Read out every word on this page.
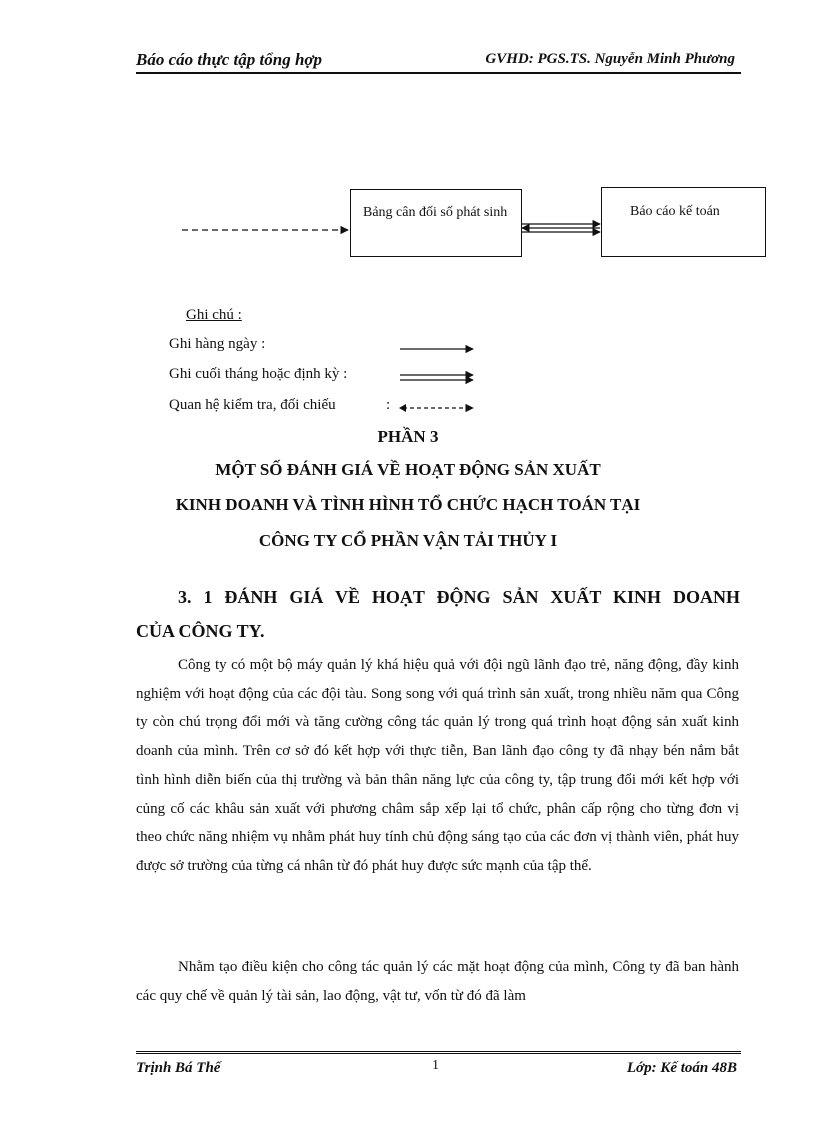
Báo cáo thực tập tổng hợp	GVHD: PGS.TS. Nguyễn Minh Phương
Bảng cân đối số phát sinh	Báo cáo kế toán
Ghi chú :
Ghi hàng ngày :
Ghi cuối tháng hoặc định kỳ :
Quan hệ kiểm tra, đối chiếu	:
PHẦN 3
MỘT SỐ ĐÁNH GIÁ VỀ HOẠT ĐỘNG SẢN XUẤT
KINH DOANH VÀ TÌNH HÌNH TỔ CHỨC HẠCH TOÁN TẠI
CÔNG TY CỔ PHẦN VẬN TẢI THỦY I
3. 1 ĐÁNH GIÁ VỀ HOẠT ĐỘNG SẢN XUẤT KINH DOANH
CỦA CÔNG TY.

Công ty có một bộ máy quản lý khá hiệu quả với đội ngũ lãnh đạo trẻ, năng động, đầy kinh nghiệm với hoạt động của các đội tàu. Song song với quá trình sản xuất, trong nhiều năm qua Công ty còn chú trọng đổi mới và tăng cường công tác quản lý trong quá trình hoạt động sản xuất kinh doanh của mình. Trên cơ sở đó kết hợp với thực tiễn, Ban lãnh đạo công ty đã nhạy bén nắm bắt tình hình diễn biến của thị trường và bản thân năng lực của công ty, tập trung đổi mới kết hợp với củng cố các khâu sản xuất với phương châm sắp xếp lại tổ chức, phân cấp rộng cho từng đơn vị theo chức năng nhiệm vụ nhằm phát huy tính chủ động sáng tạo của các đơn vị thành viên, phát huy được sở trường của từng cá nhân từ đó phát huy được sức mạnh của tập thể.

Nhằm tạo điều kiện cho công tác quản lý các mặt hoạt động của mình, Công ty đã ban hành các quy chế về quản lý tài sản, lao động, vật tư, vốn từ đó đã làm

Trịnh Bá Thế	1	Lớp: Kế toán 48B
